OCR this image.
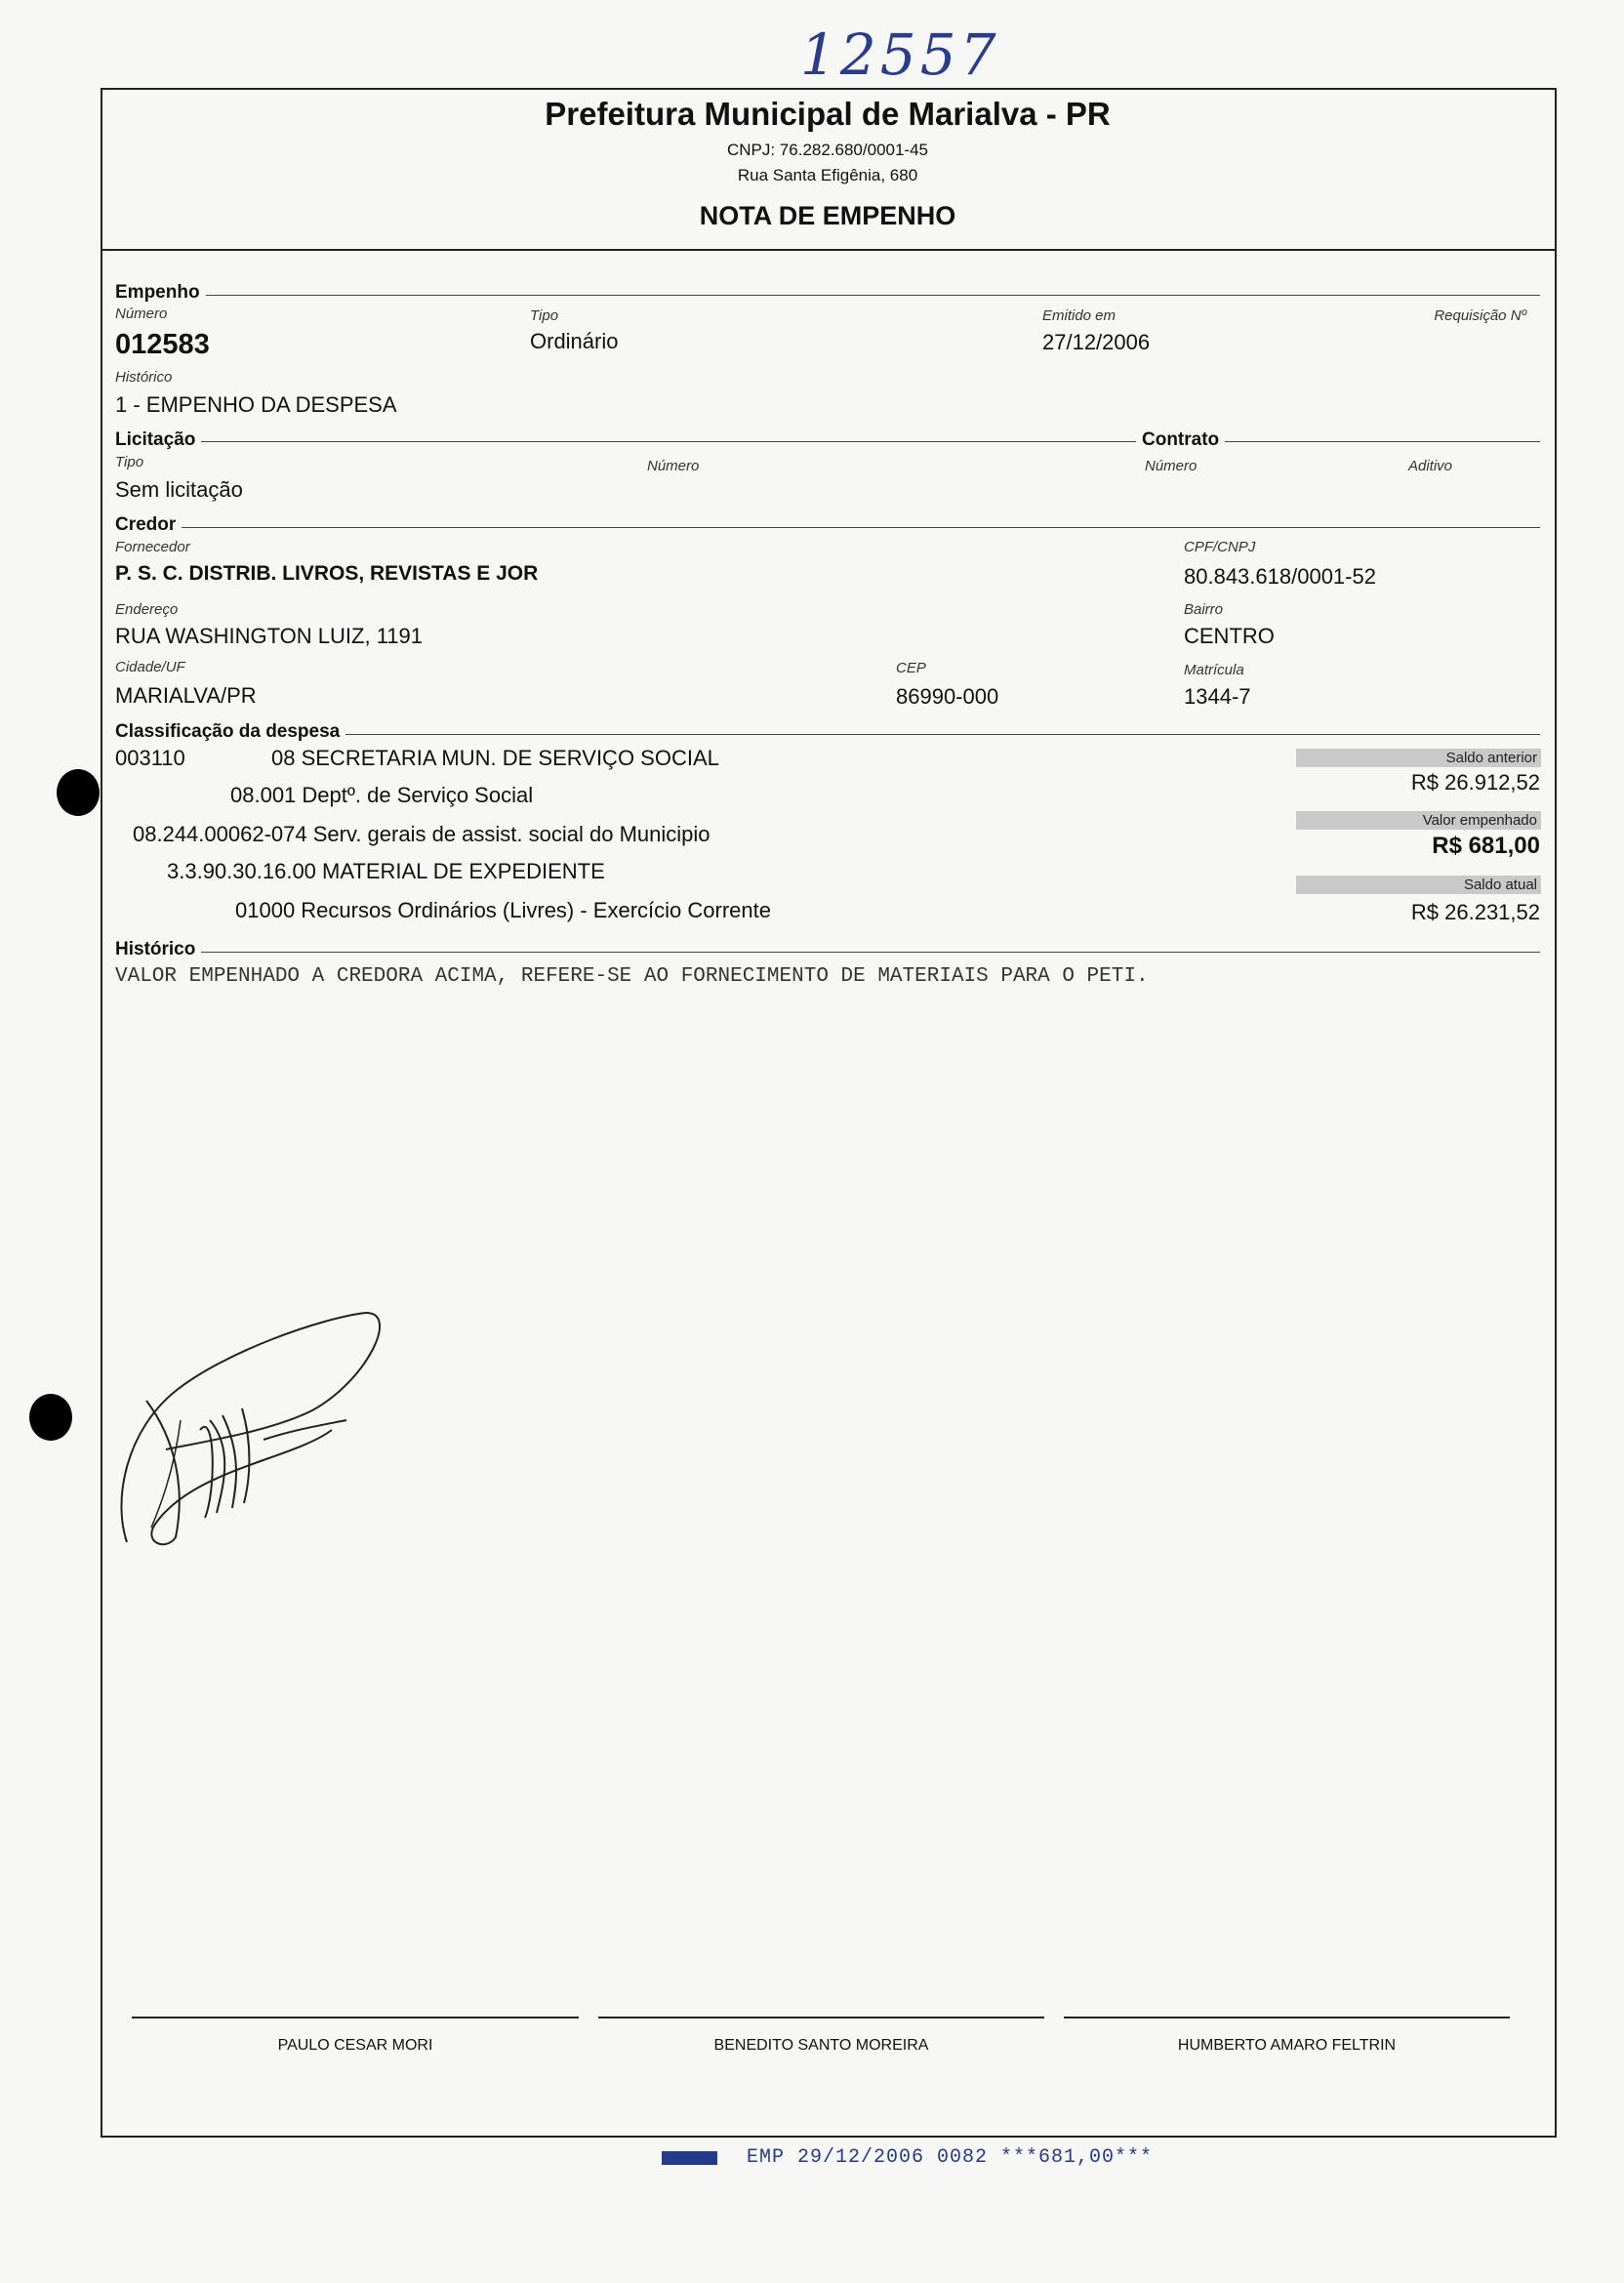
12557
Prefeitura Municipal de Marialva - PR
CNPJ: 76.282.680/0001-45
Rua Santa Efigênia, 680
NOTA DE EMPENHO
Empenho
Número
012583
Tipo
Ordinário
Emitido em
27/12/2006
Requisição Nº
Histórico
1 - EMPENHO DA DESPESA
Licitação	Contrato
Tipo
Sem licitação
Número	Número	Aditivo
Credor
Fornecedor
P. S. C. DISTRIB. LIVROS, REVISTAS E JOR
CPF/CNPJ
80.843.618/0001-52
Endereço
RUA WASHINGTON LUIZ, 1191
Bairro
CENTRO
Cidade/UF
MARIALVA/PR
CEP
86990-000
Matrícula
1344-7
Classificação da despesa
003110	08 SECRETARIA MUN. DE SERVIÇO SOCIAL
08.001 Deptº. de Serviço Social
08.244.00062-074 Serv. gerais de assist. social do Municipio
3.3.90.30.16.00 MATERIAL DE EXPEDIENTE
01000 Recursos Ordinários (Livres) - Exercício Corrente
Saldo anterior
R$ 26.912,52
Valor empenhado
R$ 681,00
Saldo atual
R$ 26.231,52
Histórico
VALOR EMPENHADO A CREDORA ACIMA, REFERE-SE AO FORNECIMENTO DE MATERIAIS PARA O PETI.
PAULO CESAR MORI	BENEDITO SANTO MOREIRA	HUMBERTO AMARO FELTRIN
EMP 29/12/2006 0082 ***681,00***
